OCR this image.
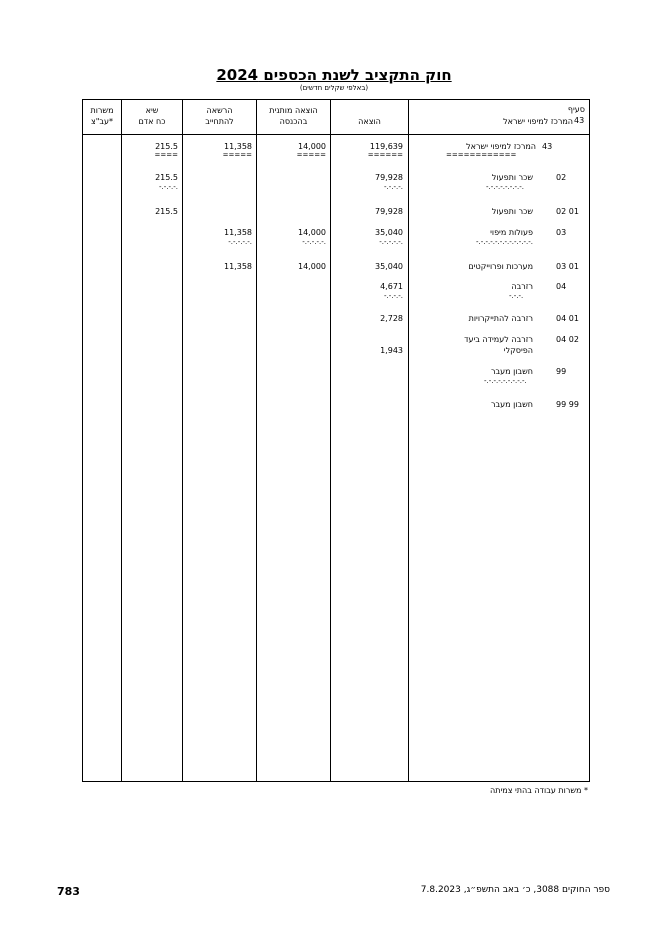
חוק התקציב לשנת הכספים 2024
(באלפי שקלים חדשים)
סעיף
המרכז למיפוי ישראל 43
הוצאה
הוצאה מותנית
בהכנסה
הרשאה
להתחייב
שיא
כח אדם
משרות
עב"צ*
43
המרכז למיפוי ישראל
============
119,639
======
14,000
=====
11,358
=====
215.5
====
02
שכר ותפעול
-.-.-.-.-.-.-.-.
79,928
-.-.-.-.
215.5
-.-.-.-.
02 01
שכר ותפעול
79,928
215.5
03
פעולות מיפוי
-.-.-.-.-.-.-.-.-.-.-.-.
35,040
-.-.-.-.-.
14,000
-.-.-.-.-.
11,358
-.-.-.-.-.
03 01
מערכות ופרוייקטים
35,040
14,000
11,358
04
רזרבה
-.-.-.
4,671
-.-.-.-.
04 01
רזרבה להתייקרויות
2,728
04 02
רזרבה לעמידה ביעד
הפיסקלי
1,943
99
חשבון מעבר
-.-.-.-.-.-.-.-.-.
99 99
חשבון מעבר
* משרות עבודה בהתי צמיתה
783	ספר החוקים 3088, כ׳ באב התשפ״ג, 7.8.2023
